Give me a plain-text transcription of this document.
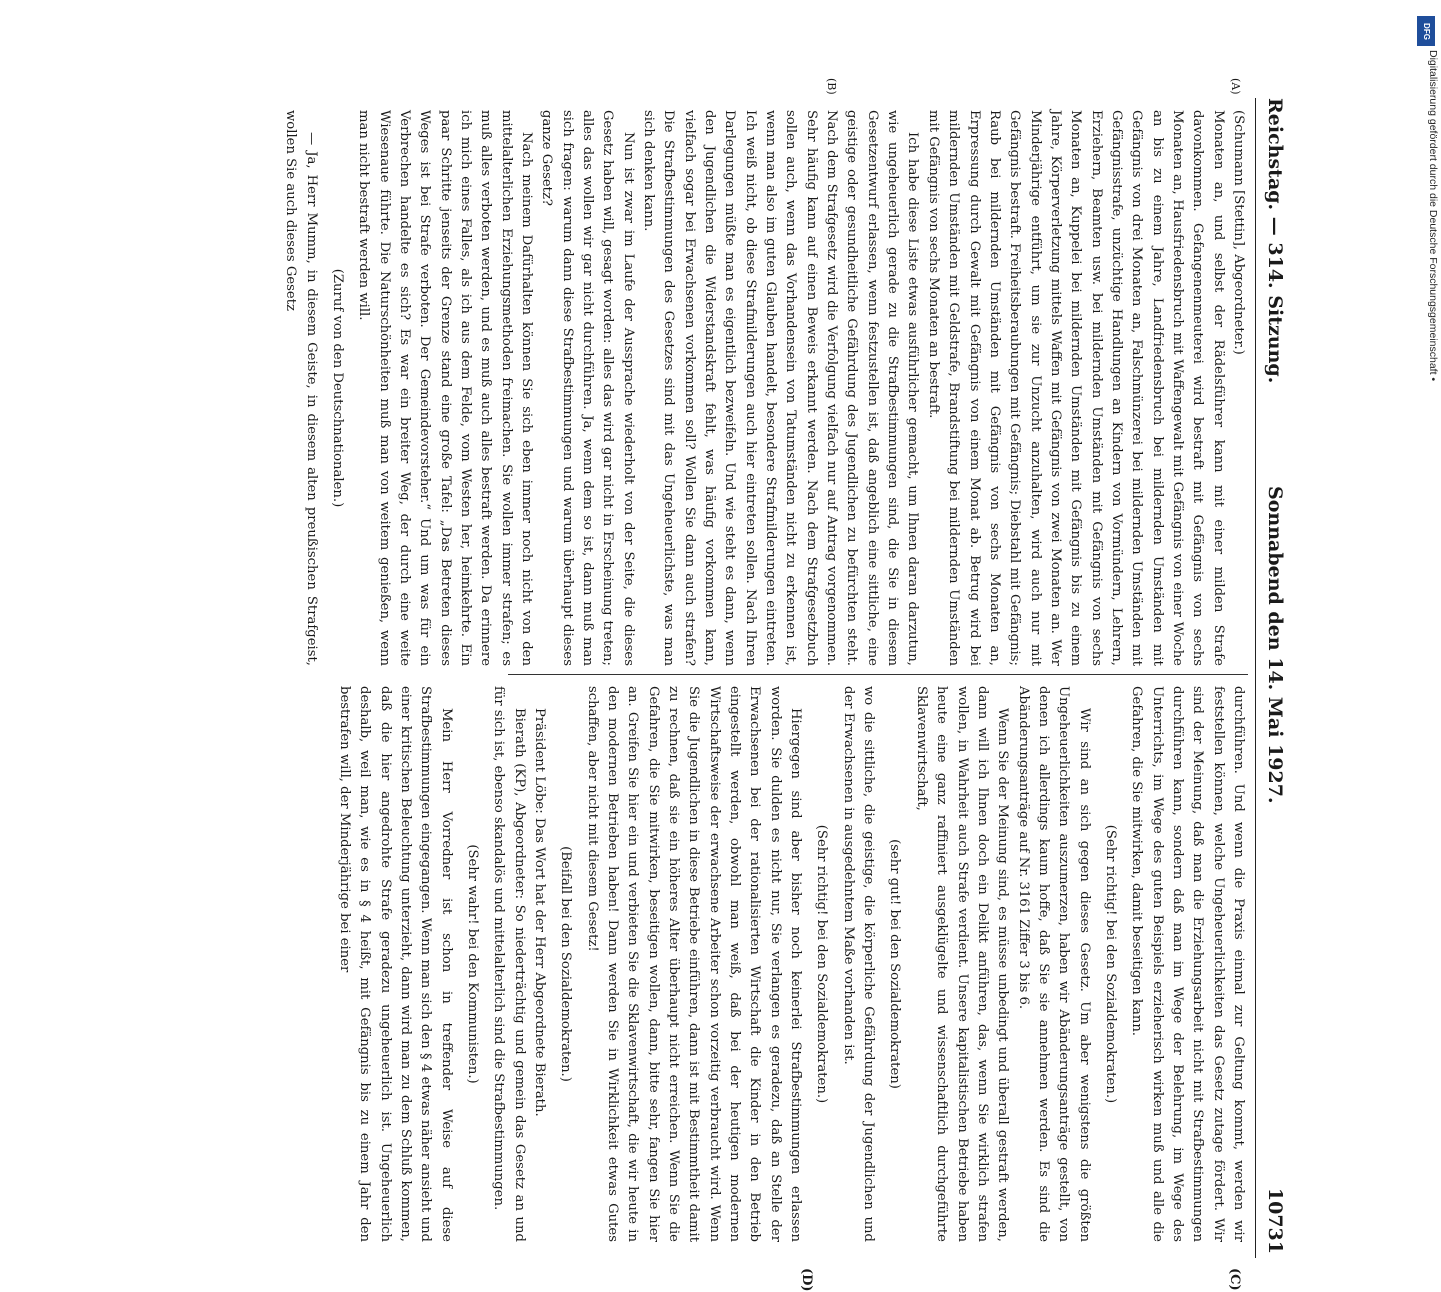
Reichstag. — 314. Sitzung.
Sonnabend den 14. Mai 1927.
10731

(Schumann [Stettin], Abgeordneter.)

Monaten an, und selbst der Rädelsführer kann mit einer milden Strafe davonkommen. Gefangenenmeuterei wird bestraft mit Gefängnis von sechs Monaten an, Hausfriedensbruch mit Waffengewalt mit Gefängnis von einer Woche an bis zu einem Jahre, Landfriedensbruch bei mildernden Umständen mit Gefängnis von drei Monaten an, Falschmünzerei bei mildernden Umständen mit Gefängnisstrafe, unzüchtige Handlungen an Kindern von Vormündern, Lehrern, Erziehern, Beamten usw. bei mildernden Umständen mit Gefängnis von sechs Monaten an, Kuppelei bei mildernden Umständen mit Gefängnis bis zu einem Jahre, Körperverletzung mittels Waffen mit Gefängnis von zwei Monaten an. Wer Minderjährige entführt, um sie zur Unzucht anzuhalten, wird auch nur mit Gefängnis bestraft. Freiheitsberaubungen mit Gefängnis; Diebstahl mit Gefängnis; Raub bei mildernden Umständen mit Gefängnis von sechs Monaten an, Erpressung durch Gewalt mit Gefängnis von einem Monat ab. Betrug wird bei mildernden Umständen mit Geldstrafe, Brandstiftung bei mildernden Umständen mit Gefängnis von sechs Monaten an bestraft.

Ich habe diese Liste etwas ausführlicher gemacht, um Ihnen daran darzutun, wie ungeheuerlich gerade zu die Strafbestimmungen sind, die Sie in diesem Gesetzentwurf erlassen, wenn festzustellen ist, daß angeblich eine sittliche, eine geistige oder gesundheitliche Gefährdung des Jugendlichen zu befürchten steht. Nach dem Strafgesetz wird die Verfolgung vielfach nur auf Antrag vorgenommen. Sehr häufig kann auf einen Beweis erkannt werden. Nach dem Strafgesetzbuch sollen auch, wenn das Vorhandensein von Tatumständen nicht zu erkennen ist, wenn man also im guten Glauben handelt, besondere Strafmilderungen eintreten. Ich weiß nicht, ob diese Strafmilderungen auch hier eintreten sollen. Nach Ihren Darlegungen müßte man es eigentlich bezweifeln. Und wie steht es dann, wenn den Jugendlichen die Widerstandskraft fehlt, was häufig vorkommen kann, vielfach sogar bei Erwachsenen vorkommen soll? Wollen Sie dann auch strafen? Die Strafbestimmungen des Gesetzes sind mit das Ungeheuerlichste, was man sich denken kann.

Nun ist zwar im Laufe der Aussprache wiederholt von der Seite, die dieses Gesetz haben will, gesagt worden: alles das wird gar nicht in Erscheinung treten; alles das wollen wir gar nicht durchführen. Ja, wenn dem so ist, dann muß man sich fragen: warum dann diese Strafbestimmungen und warum überhaupt dieses ganze Gesetz?

Nach meinem Dafürhalten können Sie sich eben immer noch nicht von den mittelalterlichen Erziehungsmethoden freimachen. Sie wollen immer strafen; es muß alles verboten werden, und es muß auch alles bestraft werden. Da erinnere ich mich eines Falles, als ich aus dem Felde, vom Westen her, heimkehrte. Ein paar Schritte jenseits der Grenze stand eine große Tafel: „Das Betreten dieses Weges ist bei Strafe verboten. Der Gemeindevorsteher.“ Und um was für ein Verbrechen handelte es sich? Es war ein breiter Weg, der durch eine weite Wiesenaue führte. Die Naturschönheiten muß man von weitem genießen, wenn man nicht bestraft werden will.

(Zuruf von den Deutschnationalen.)

— Ja, Herr Mumm, in diesem Geiste, in diesem alten preußischen Strafgeist, wollen Sie auch dieses Gesetz

durchführen. Und wenn die Praxis einmal zur Geltung kommt, werden wir feststellen können, welche Ungeheuerlichkeiten das Gesetz zutage fördert. Wir sind der Meinung, daß man die Erziehungsarbeit nicht mit Strafbestimmungen durchführen kann, sondern daß man im Wege der Belehrung, im Wege des Unterrichts, im Wege des guten Beispiels erzieherisch wirken muß und alle die Gefahren, die Sie mitwirken, damit beseitigen kann.

(Sehr richtig! bei den Sozialdemokraten.)

Wir sind an sich gegen dieses Gesetz. Um aber wenigstens die größten Ungeheuerlichkeiten auszumerzen, haben wir Abänderungsanträge gestellt, von denen ich allerdings kaum hoffe, daß Sie sie annehmen werden. Es sind die Abänderungsanträge auf Nr. 3161 Ziffer 3 bis 6.

Wenn Sie der Meinung sind, es müsse unbedingt und überall gestraft werden, dann will ich Ihnen doch ein Delikt anführen, das, wenn Sie wirklich strafen wollen, in Wahrheit auch Strafe verdient. Unsere kapitalistischen Betriebe haben heute eine ganz raffiniert ausgeklügelte und wissenschaftlich durchgeführte Sklavenwirtschaft,

(sehr gut! bei den Sozialdemokraten)

wo die sittliche, die geistige, die körperliche Gefährdung der Jugendlichen und der Erwachsenen in ausgedehntem Maße vorhanden ist.

(Sehr richtig! bei den Sozialdemokraten.)

Hiergegen sind aber bisher noch keinerlei Strafbestimmungen erlassen worden. Sie dulden es nicht nur, Sie verlangen es geradezu, daß an Stelle der Erwachsenen bei der rationalisierten Wirtschaft die Kinder in den Betrieb eingestellt werden, obwohl man weiß, daß bei der heutigen modernen Wirtschaftsweise der erwachsene Arbeiter schon vorzeitig verbraucht wird. Wenn Sie die Jugendlichen in diese Betriebe einführen, dann ist mit Bestimmtheit damit zu rechnen, daß sie ein höheres Alter überhaupt nicht erreichen. Wenn Sie die Gefahren, die Sie mitwirken, beseitigen wollen, dann, bitte sehr, fangen Sie hier an. Greifen Sie hier ein und verbieten Sie die Sklavenwirtschaft, die wir heute in den modernen Betrieben haben! Dann werden Sie in Wirklichkeit etwas Gutes schaffen, aber nicht mit diesem Gesetz!

(Beifall bei den Sozialdemokraten.)

Präsident Löbe: Das Wort hat der Herr Abgeordnete Bierath.

Bierath (KP), Abgeordneter: So niederträchtig und gemein das Gesetz an und für sich ist, ebenso skandalös und mittelalterlich sind die Strafbestimmungen.

(Sehr wahr! bei den Kommunisten.)

Mein Herr Vorredner ist schon in treffender Weise auf diese Strafbestimmungen eingegangen. Wenn man sich den § 4 etwas näher ansieht und einer kritischen Beleuchtung unterzieht, dann wird man zu dem Schluß kommen, daß die hier angedrohte Strafe geradezu ungeheuerlich ist. Ungeheuerlich deshalb, weil man, wie es in § 4 heißt, mit Gefängnis bis zu einem Jahr den bestrafen will, der Minderjährige bei einer

(A)
(B)
(C)
(D)
DFG
Digitalisierung gefördert durch die Deutsche Forschungsgemeinschaft •
